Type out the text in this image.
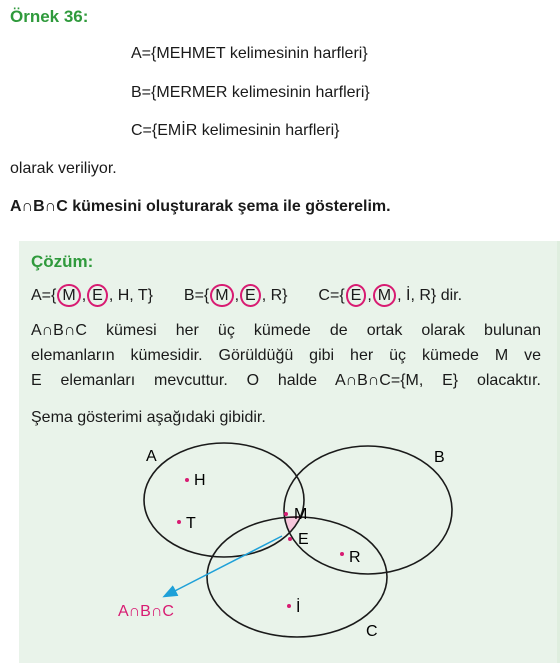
Örnek 36:
A={MEHMET kelimesinin harfleri}
B={MERMER kelimesinin harfleri}
C={EMİR kelimesinin harfleri}
olarak veriliyor.
A∩B∩C kümesini oluşturarak şema ile gösterelim.
Çözüm:
A={ M , E , H, T} B={ M , E , R} C={ E , M , İ, R} dir.
A∩B∩C kümesi her üç kümede de ortak olarak bulunan
elemanların kümesidir. Görüldüğü gibi her üç kümede M ve
E elemanları mevcuttur. O halde A∩B∩C={M, E} olacaktır.
Şema gösterimi aşağıdaki gibidir.
A	B
C
H
T
M
E
R
İ
A∩B∩C
